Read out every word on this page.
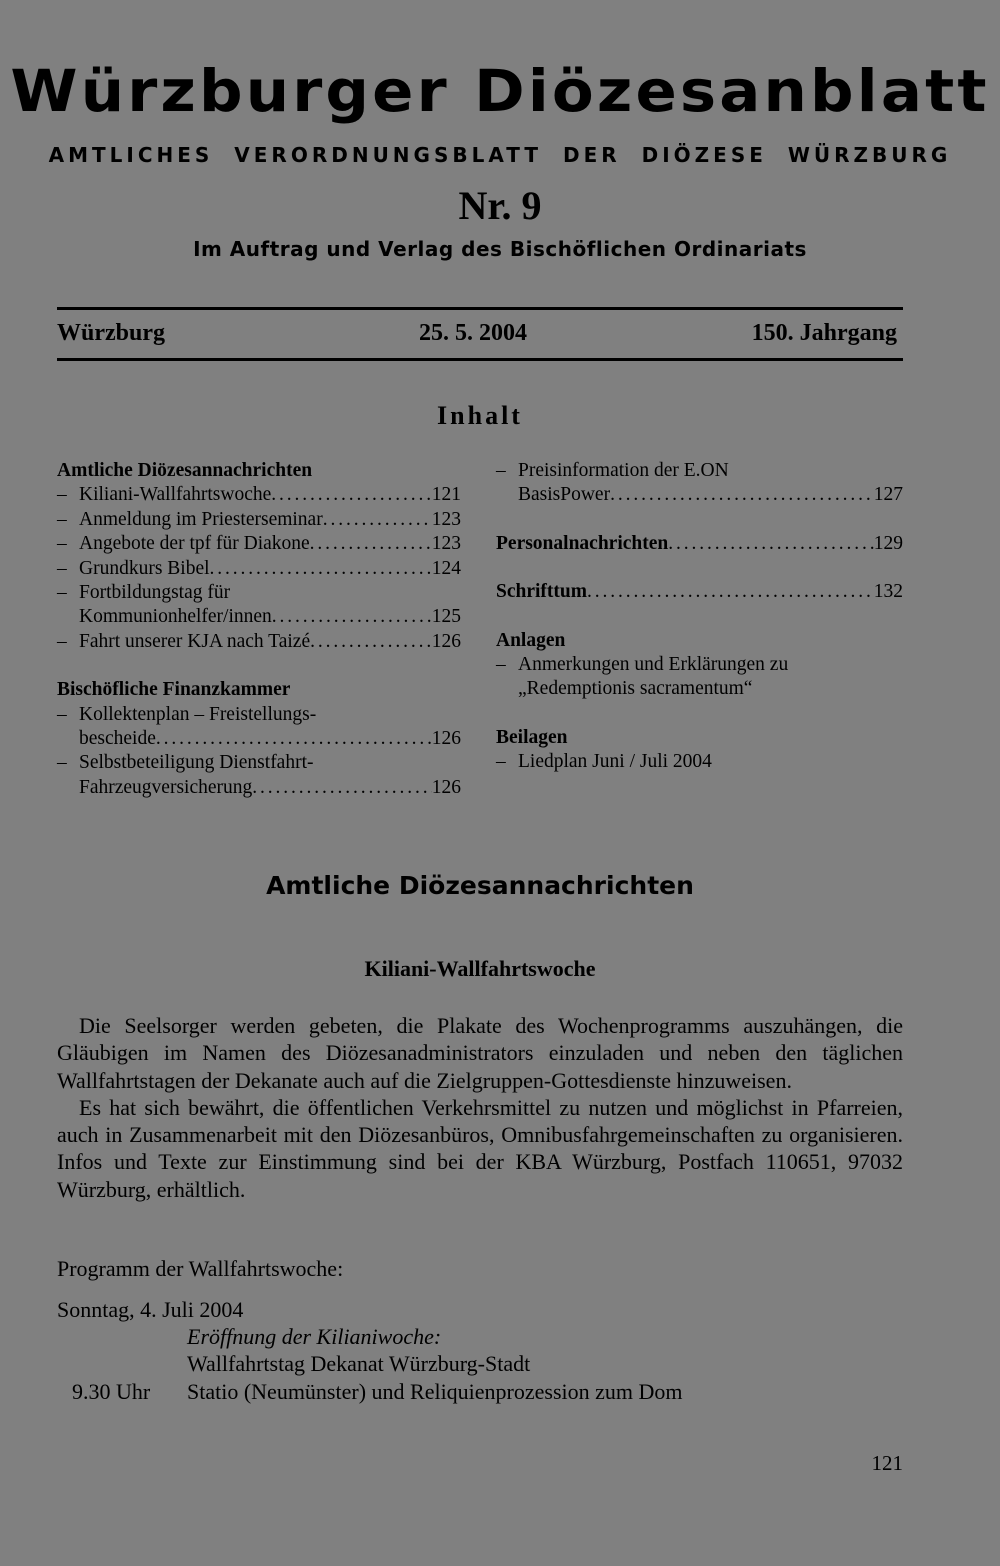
Würzburger Diözesanblatt
AMTLICHES VERORDNUNGSBLATT DER DIÖZESE WÜRZBURG
Nr. 9
Im Auftrag und Verlag des Bischöflichen Ordinariats
Würzburg	25. 5. 2004	150. Jahrgang
Inhalt
Amtliche Diözesannachrichten
– Kiliani-Wallfahrtswoche . . .	121
– Anmeldung im Priesterseminar . . .	123
– Angebote der tpf für Diakone . . .	123
– Grundkurs Bibel . . .	124
– Fortbildungstag für
Kommunionhelfer/innen . . .	125
– Fahrt unserer KJA nach Taizé . . .	126
Bischöfliche Finanzkammer
– Kollektenplan – Freistellungs-
bescheide . . .	126
– Selbstbeteiligung Dienstfahrt-
Fahrzeugversicherung . . .	126
– Preisinformation der E.ON
BasisPower . . .	127
Personalnachrichten . . .	129
Schrifttum . . .	132
Anlagen
– Anmerkungen und Erklärungen zu
„Redemptionis sacramentum“
Beilagen
– Liedplan Juni / Juli 2004
Amtliche Diözesannachrichten
Kiliani-Wallfahrtswoche

Die Seelsorger werden gebeten, die Plakate des Wochenprogramms auszuhängen, die Gläubigen im Namen des Diözesanadministrators einzuladen und neben den täglichen Wallfahrtstagen der Dekanate auch auf die Zielgruppen-Gottesdienste hinzuweisen.

Es hat sich bewährt, die öffentlichen Verkehrsmittel zu nutzen und möglichst in Pfarreien, auch in Zusammenarbeit mit den Diözesanbüros, Omnibusfahrgemeinschaften zu organisieren. Infos und Texte zur Einstimmung sind bei der KBA Würzburg, Postfach 110651, 97032 Würzburg, erhältlich.

Programm der Wallfahrtswoche:
Sonntag, 4. Juli 2004
Eröffnung der Kilianiwoche:
Wallfahrtstag Dekanat Würzburg-Stadt
9.30 Uhr Statio (Neumünster) und Reliquienprozession zum Dom
121
